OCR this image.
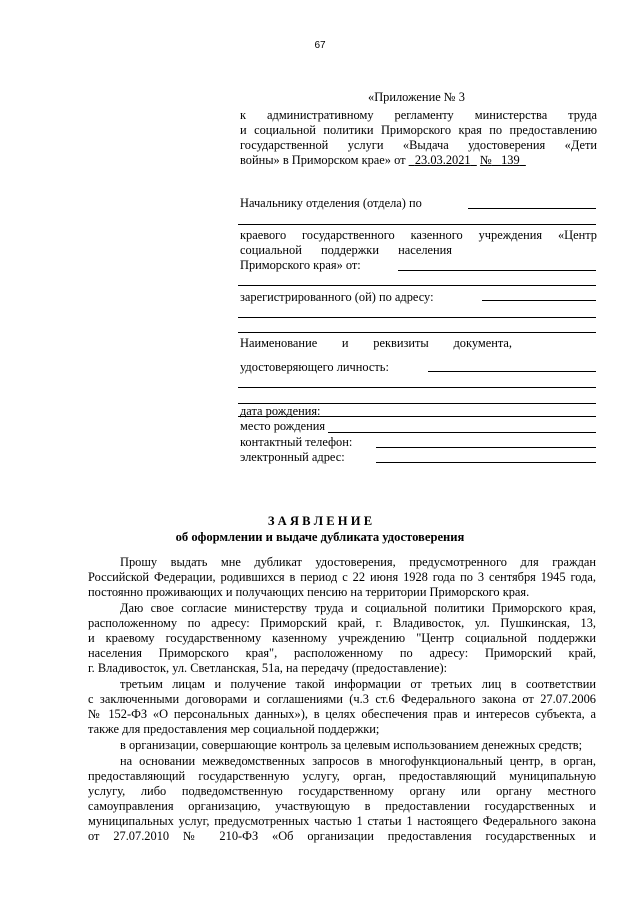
67
«Приложение № 3
к административному регламенту министерства труда
и социальной политики Приморского края по предоставлению
государственной услуги «Выдача удостоверения «Дети
войны» в Приморском крае» от 23.03.2021 № 139
Начальнику отделения (отдела) по
краевого государственного казенного учреждения «Центр
социальной поддержки населения
Приморского края» от:
зарегистрированного (ой) по адресу:
Наименование и реквизиты документа,
удостоверяющего личность:
дата рождения:
место рождения
контактный телефон:
электронный адрес:
З А Я В Л Е Н И Е
об оформлении и выдаче дубликата удостоверения
Прошу выдать мне дубликат удостоверения, предусмотренного для граждан
Российской Федерации, родившихся в период с 22 июня 1928 года по 3 сентября 1945 года,
постоянно проживающих и получающих пенсию на территории Приморского края.
Даю свое согласие министерству труда и социальной политики Приморского края,
расположенному по адресу: Приморский край, г. Владивосток, ул. Пушкинская, 13,
и краевому государственному казенному учреждению "Центр социальной поддержки
населения Приморского края", расположенному по адресу: Приморский край,
г. Владивосток, ул. Светланская, 51а, на передачу (предоставление):
третьим лицам и получение такой информации от третьих лиц в соответствии
с заключенными договорами и соглашениями (ч.3 ст.6 Федерального закона от 27.07.2006
№ 152-ФЗ «О персональных данных»), в целях обеспечения прав и интересов субъекта, а
также для предоставления мер социальной поддержки;
в организации, совершающие контроль за целевым использованием денежных средств;
на основании межведомственных запросов в многофункциональный центр, в орган,
предоставляющий государственную услугу, орган, предоставляющий муниципальную
услугу, либо подведомственную государственному органу или органу местного
самоуправления организацию, участвующую в предоставлении государственных и
муниципальных услуг, предусмотренных частью 1 статьи 1 настоящего Федерального закона
от 27.07.2010 № 210-ФЗ «Об организации предоставления государственных и
